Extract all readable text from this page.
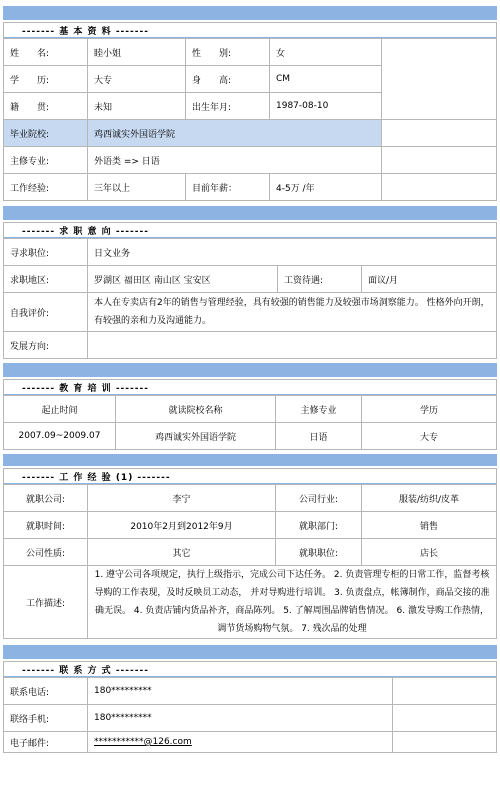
------- 基 本 资 料 -------
姓　　名:	睦小姐	性　　别:	女	
学　　历:	大专	身　　高:	CM	
籍　　贯:	未知	出生年月:	1987-08-10	
毕业院校:	鸡西诚实外国语学院			
主修专业:	外语类 => 日语			
工作经验:	三年以上	目前年薪：	4-5万 /年	
------- 求 职 意 向 -------
寻求职位:	日文业务		
求职地区:	罗湖区 福田区 南山区 宝安区	工资待遇:	面议/月
自我评价:	本人在专卖店有2年的销售与管理经验，具有较强的销售能力及较强市场洞察能力。 性格外向开朗，有较强的亲和力及沟通能力。		
发展方向:			
------- 教 育 培 训 -------
起止时间	就读院校名称	主修专业	学历
2007.09~2009.07	鸡西诚实外国语学院	日语	大专
------- 工 作 经 验 (1) -------
就职公司:	李宁	公司行业:	服装/纺织/皮革
就职时间:	2010年2月到2012年9月	就职部门:	销售
公司性质:	其它	就职职位:	店长
工作描述:	1. 遵守公司各项规定，执行上级指示，完成公司下达任务。 2. 负责管理专柜的日常工作，监督考核导购的工作表现，及时反映员工动态， 并对导购进行培训。 3. 负责盘点，帐簿制作，商品交接的准确无误。 4. 负责店铺内货品补齐，商品陈列。 5. 了解周围品牌销售情况。 6. 激发导购工作热情，调节货场购物气氛。 7. 残次品的处理		
------- 联 系 方 式 -------
联系电话:	180*********	
联络手机:	180*********	
电子邮件:	***********@126.com	
